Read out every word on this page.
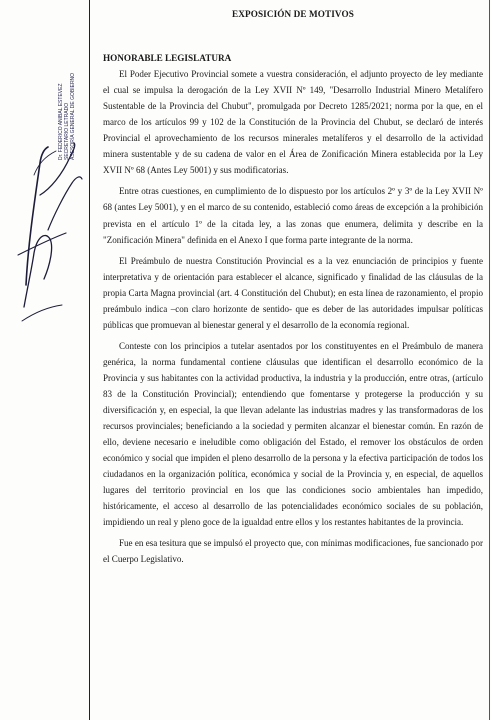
Dr. FEDERICO ANIBAL ESTEVEZ SECRETARIO LETRADO ASESORÍA GENERAL DE GOBIERNO
EXPOSICIÓN DE MOTIVOS
HONORABLE LEGISLATURA

El Poder Ejecutivo Provincial somete a vuestra consideración, el adjunto proyecto de ley mediante el cual se impulsa la derogación de la Ley XVII Nº 149, "Desarrollo Industrial Minero Metalífero Sustentable de la Provincia del Chubut", promulgada por Decreto 1285/2021; norma por la que, en el marco de los artículos 99 y 102 de la Constitución de la Provincia del Chubut, se declaró de interés Provincial el aprovechamiento de los recursos minerales metalíferos y el desarrollo de la actividad minera sustentable y de su cadena de valor en el Área de Zonificación Minera establecida por la Ley XVII Nº 68 (Antes Ley 5001) y sus modificatorias.

Entre otras cuestiones, en cumplimiento de lo dispuesto por los artículos 2º y 3º de la Ley XVII Nº 68 (antes Ley 5001), y en el marco de su contenido, estableció como áreas de excepción a la prohibición prevista en el artículo 1º de la citada ley, a las zonas que enumera, delimita y describe en la "Zonificación Minera" definida en el Anexo I que forma parte integrante de la norma.

El Preámbulo de nuestra Constitución Provincial es a la vez enunciación de principios y fuente interpretativa y de orientación para establecer el alcance, significado y finalidad de las cláusulas de la propia Carta Magna provincial (art. 4 Constitución del Chubut); en esta línea de razonamiento, el propio preámbulo indica –con claro horizonte de sentido- que es deber de las autoridades impulsar políticas públicas que promuevan al bienestar general y el desarrollo de la economía regional.

Conteste con los principios a tutelar asentados por los constituyentes en el Preámbulo de manera genérica, la norma fundamental contiene cláusulas que identifican el desarrollo económico de la Provincia y sus habitantes con la actividad productiva, la industria y la producción, entre otras, (artículo 83 de la Constitución Provincial); entendiendo que fomentarse y protegerse la producción y su diversificación y, en especial, la que llevan adelante las industrias madres y las transformadoras de los recursos provinciales; beneficiando a la sociedad y permiten alcanzar el bienestar común. En razón de ello, deviene necesario e ineludible como obligación del Estado, el remover los obstáculos de orden económico y social que impiden el pleno desarrollo de la persona y la efectiva participación de todos los ciudadanos en la organización política, económica y social de la Provincia y, en especial, de aquellos lugares del territorio provincial en los que las condiciones socio ambientales han impedido, históricamente, el acceso al desarrollo de las potencialidades económico sociales de su población, impidiendo un real y pleno goce de la igualdad entre ellos y los restantes habitantes de la provincia.

Fue en esa tesitura que se impulsó el proyecto que, con mínimas modificaciones, fue sancionado por el Cuerpo Legislativo.
